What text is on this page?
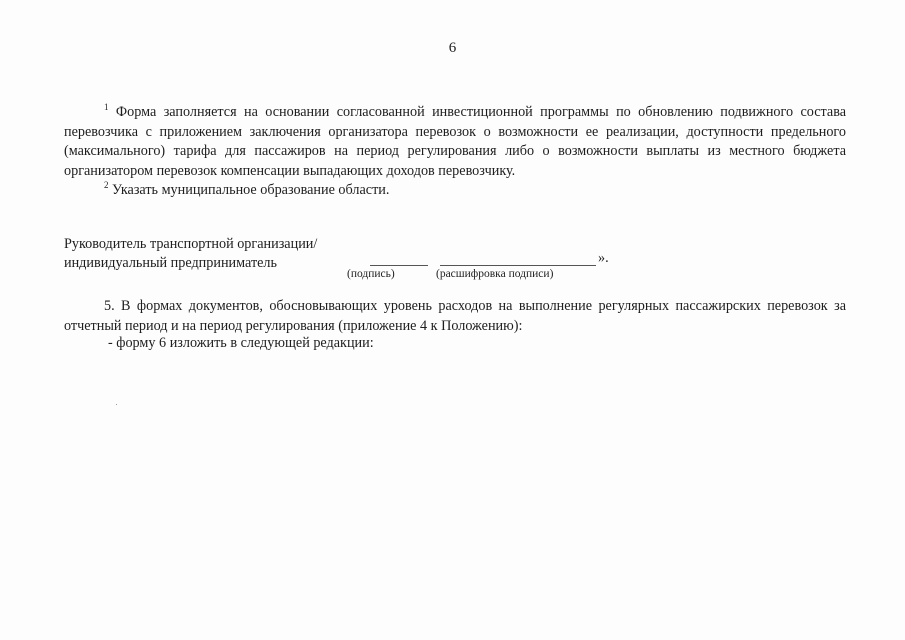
6
$^1$ Форма заполняется на основании согласованной инвестиционной программы по обновлению подвижного состава перевозчика с приложением заключения организатора перевозок о возможности ее реализации, доступности предельного (максимального) тарифа для пассажиров на период регулирования либо о возможности выплаты из местного бюджета организатором перевозок компенсации выпадающих доходов перевозчику.
$^2$ Указать муниципальное образование области.
Руководитель транспортной организации/
индивидуальный предприниматель	».
(подпись)	(расшифровка подписи)
5. В формах документов, обосновывающих уровень расходов на выполнение регулярных пассажирских перевозок за отчетный период и на период регулирования (приложение 4 к Положению):
- форму 6 изложить в следующей редакции:
